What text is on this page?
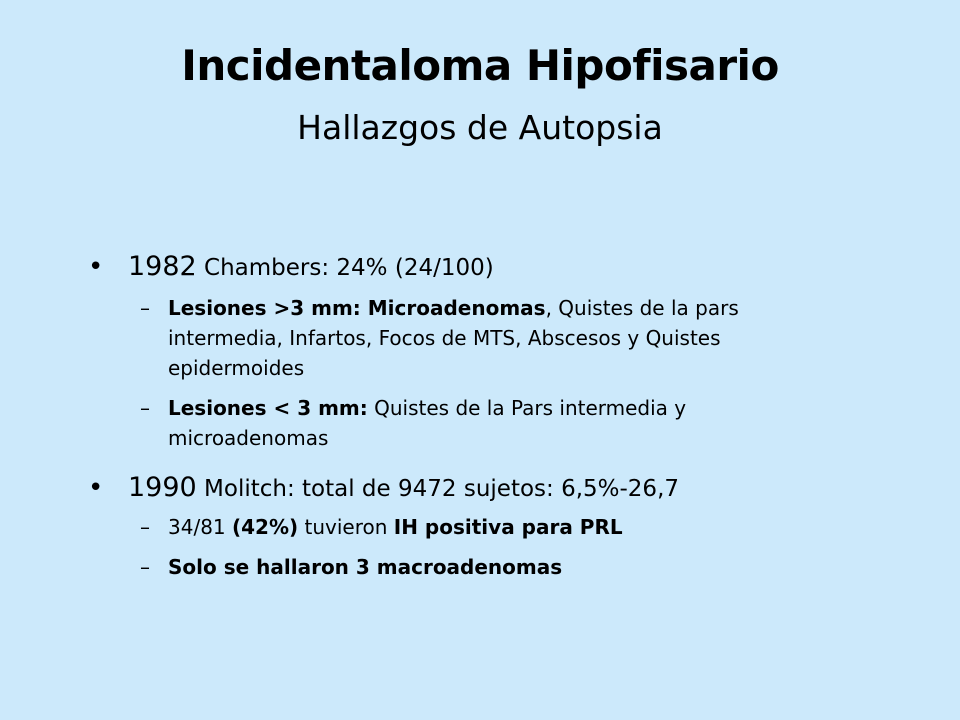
Incidentaloma Hipofisario
Hallazgos de Autopsia
• 1982 Chambers: 24% (24/100)
– Lesiones >3 mm: Microadenomas, Quistes de la pars intermedia, Infartos, Focos de MTS, Abscesos y Quistes epidermoides
– Lesiones < 3 mm: Quistes de la Pars intermedia y microadenomas
• 1990 Molitch: total de 9472 sujetos: 6,5%-26,7
– 34/81 (42%) tuvieron IH positiva para PRL
– Solo se hallaron 3 macroadenomas
